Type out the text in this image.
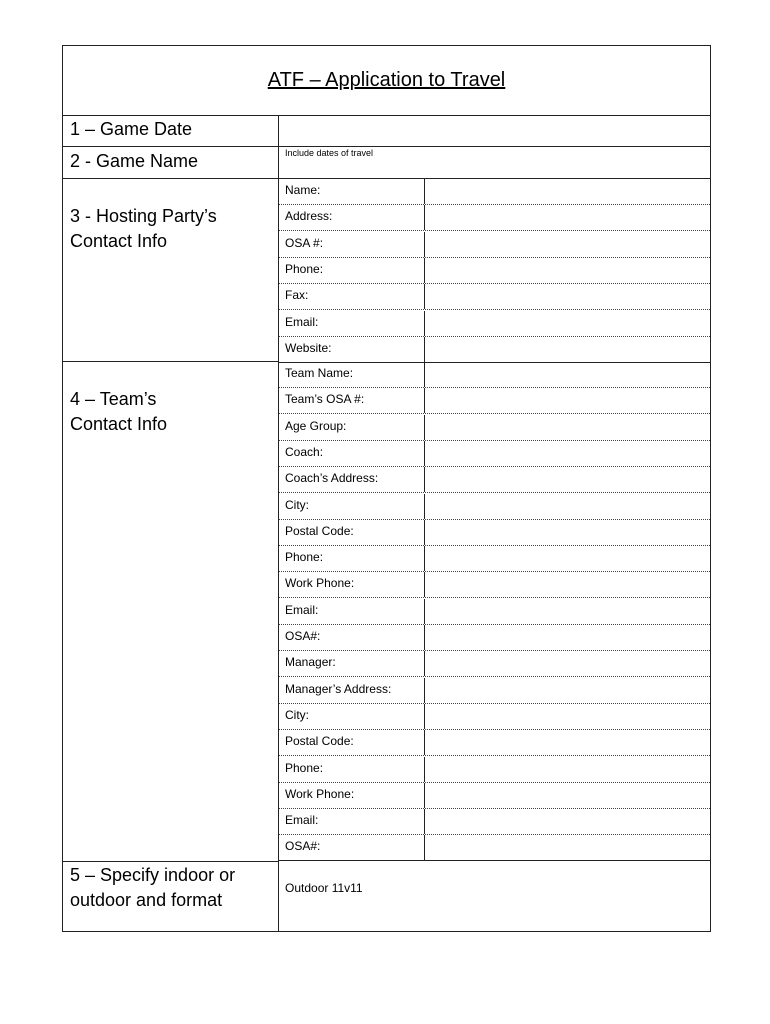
ATF – Application to Travel
1 – Game Date
2 - Game Name	Include dates of travel
3 - Hosting Party’s
Contact Info
Name:
Address:
OSA #:
Phone:
Fax:
Email:
Website:
4 – Team’s
Contact Info
Team Name:
Team’s OSA #:
Age Group:
Coach:
Coach’s Address:
City:
Postal Code:
Phone:
Work Phone:
Email:
OSA#:
Manager:
Manager’s Address:
City:
Postal Code:
Phone:
Work Phone:
Email:
OSA#:
5 – Specify indoor or
outdoor and format
Outdoor 11v11
